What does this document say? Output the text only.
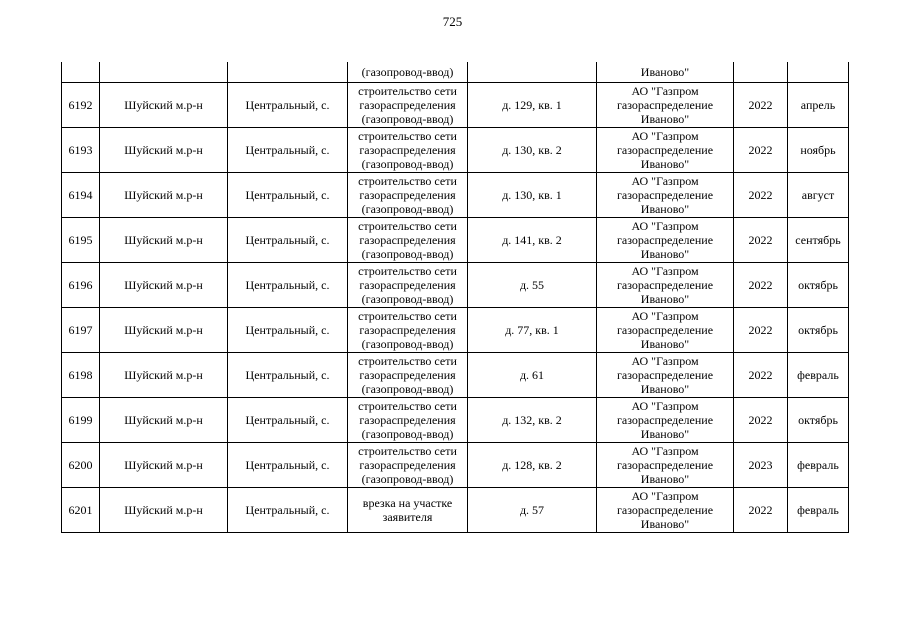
725
			(газопровод-ввод)		Иваново"		
6192	Шуйский м.р-н	Центральный, с.	строительство сети
газораспределения
(газопровод-ввод)	д. 129, кв. 1	АО "Газпром
газораспределение
Иваново"	2022	апрель
6193	Шуйский м.р-н	Центральный, с.	строительство сети
газораспределения
(газопровод-ввод)	д. 130, кв. 2	АО "Газпром
газораспределение
Иваново"	2022	ноябрь
6194	Шуйский м.р-н	Центральный, с.	строительство сети
газораспределения
(газопровод-ввод)	д. 130, кв. 1	АО "Газпром
газораспределение
Иваново"	2022	август
6195	Шуйский м.р-н	Центральный, с.	строительство сети
газораспределения
(газопровод-ввод)	д. 141, кв. 2	АО "Газпром
газораспределение
Иваново"	2022	сентябрь
6196	Шуйский м.р-н	Центральный, с.	строительство сети
газораспределения
(газопровод-ввод)	д. 55	АО "Газпром
газораспределение
Иваново"	2022	октябрь
6197	Шуйский м.р-н	Центральный, с.	строительство сети
газораспределения
(газопровод-ввод)	д. 77, кв. 1	АО "Газпром
газораспределение
Иваново"	2022	октябрь
6198	Шуйский м.р-н	Центральный, с.	строительство сети
газораспределения
(газопровод-ввод)	д. 61	АО "Газпром
газораспределение
Иваново"	2022	февраль
6199	Шуйский м.р-н	Центральный, с.	строительство сети
газораспределения
(газопровод-ввод)	д. 132, кв. 2	АО "Газпром
газораспределение
Иваново"	2022	октябрь
6200	Шуйский м.р-н	Центральный, с.	строительство сети
газораспределения
(газопровод-ввод)	д. 128, кв. 2	АО "Газпром
газораспределение
Иваново"	2023	февраль
6201	Шуйский м.р-н	Центральный, с.	врезка на участке
заявителя	д. 57	АО "Газпром
газораспределение
Иваново"	2022	февраль
